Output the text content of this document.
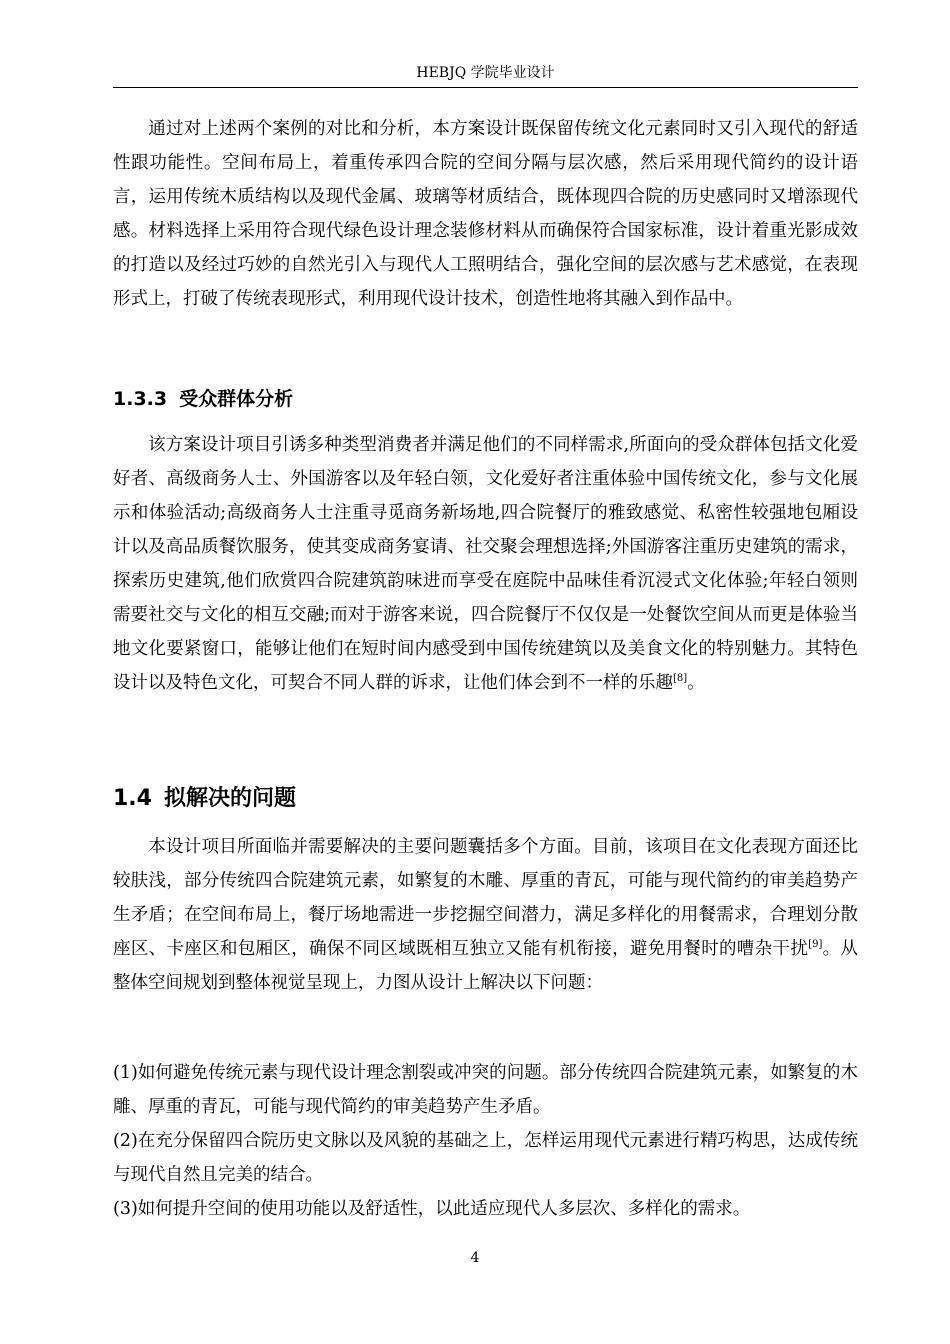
HEBJQ 学院毕业设计

通过对上述两个案例的对比和分析，本方案设计既保留传统文化元素同时又引入现代的舒适性跟功能性。空间布局上，着重传承四合院的空间分隔与层次感，然后采用现代简约的设计语言，运用传统木质结构以及现代金属、玻璃等材质结合，既体现四合院的历史感同时又增添现代感。材料选择上采用符合现代绿色设计理念装修材料从而确保符合国家标准，设计着重光影成效的打造以及经过巧妙的自然光引入与现代人工照明结合，强化空间的层次感与艺术感觉，在表现形式上，打破了传统表现形式，利用现代设计技术，创造性地将其融入到作品中。

1.3.3 受众群体分析

该方案设计项目引诱多种类型消费者并满足他们的不同样需求,所面向的受众群体包括文化爱好者、高级商务人士、外国游客以及年轻白领，文化爱好者注重体验中国传统文化，参与文化展示和体验活动;高级商务人士注重寻觅商务新场地,四合院餐厅的雅致感觉、私密性较强地包厢设计以及高品质餐饮服务，使其变成商务宴请、社交聚会理想选择;外国游客注重历史建筑的需求，探索历史建筑,他们欣赏四合院建筑韵味进而享受在庭院中品味佳肴沉浸式文化体验;年轻白领则需要社交与文化的相互交融;而对于游客来说，四合院餐厅不仅仅是一处餐饮空间从而更是体验当地文化要紧窗口，能够让他们在短时间内感受到中国传统建筑以及美食文化的特别魅力。其特色设计以及特色文化，可契合不同人群的诉求，让他们体会到不一样的乐趣[8]。

1.4 拟解决的问题

本设计项目所面临并需要解决的主要问题囊括多个方面。目前，该项目在文化表现方面还比较肤浅，部分传统四合院建筑元素，如繁复的木雕、厚重的青瓦，可能与现代简约的审美趋势产生矛盾；在空间布局上，餐厅场地需进一步挖掘空间潜力，满足多样化的用餐需求，合理划分散座区、卡座区和包厢区，确保不同区域既相互独立又能有机衔接，避免用餐时的嘈杂干扰[9]。从整体空间规划到整体视觉呈现上，力图从设计上解决以下问题：

(1)如何避免传统元素与现代设计理念割裂或冲突的问题。部分传统四合院建筑元素，如繁复的木雕、厚重的青瓦，可能与现代简约的审美趋势产生矛盾。

(2)在充分保留四合院历史文脉以及风貌的基础之上，怎样运用现代元素进行精巧构思，达成传统与现代自然且完美的结合。

(3)如何提升空间的使用功能以及舒适性，以此适应现代人多层次、多样化的需求。

4
